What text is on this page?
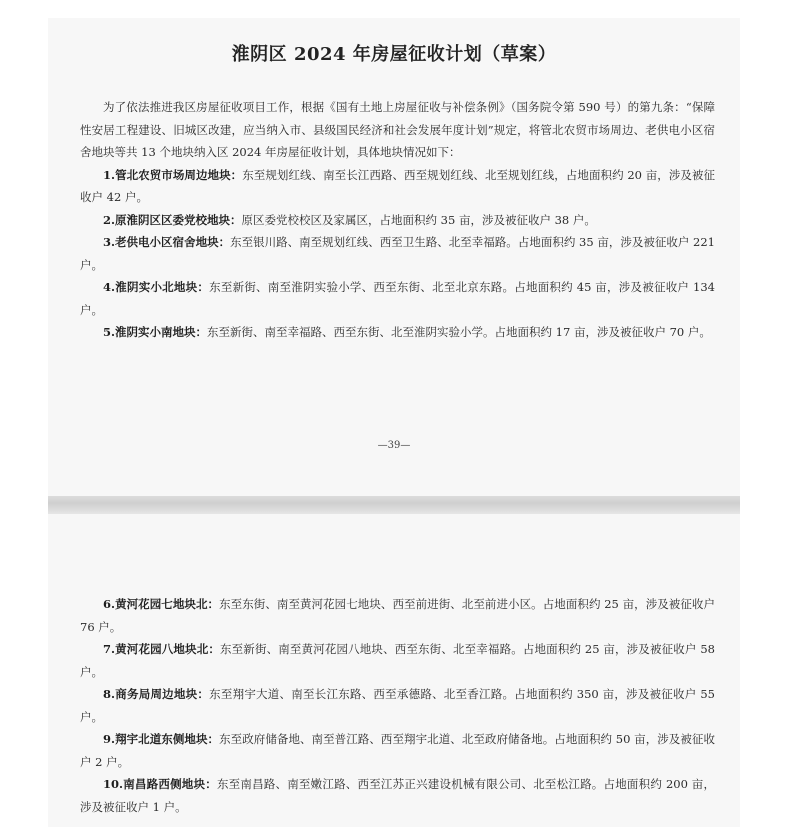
淮阴区 2024 年房屋征收计划（草案）

为了依法推进我区房屋征收项目工作，根据《国有土地上房屋征收与补偿条例》（国务院令第 590 号）的第九条：“保障性安居工程建设、旧城区改建，应当纳入市、县级国民经济和社会发展年度计划”规定，将管北农贸市场周边、老供电小区宿舍地块等共 13 个地块纳入区 2024 年房屋征收计划，具体地块情况如下：

1.管北农贸市场周边地块：东至规划红线、南至长江西路、西至规划红线、北至规划红线，占地面积约 20 亩，涉及被征收户 42 户。

2.原淮阴区区委党校地块：原区委党校校区及家属区，占地面积约 35 亩，涉及被征收户 38 户。

3.老供电小区宿舍地块：东至银川路、南至规划红线、西至卫生路、北至幸福路。占地面积约 35 亩，涉及被征收户 221 户。

4.淮阴实小北地块：东至新街、南至淮阴实验小学、西至东街、北至北京东路。占地面积约 45 亩，涉及被征收户 134 户。

5.淮阴实小南地块：东至新街、南至幸福路、西至东街、北至淮阴实验小学。占地面积约 17 亩，涉及被征收户 70 户。

—39—

6.黄河花园七地块北：东至东街、南至黄河花园七地块、西至前进街、北至前进小区。占地面积约 25 亩，涉及被征收户 76 户。

7.黄河花园八地块北：东至新街、南至黄河花园八地块、西至东街、北至幸福路。占地面积约 25 亩，涉及被征收户 58 户。

8.商务局周边地块：东至翔宇大道、南至长江东路、西至承德路、北至香江路。占地面积约 350 亩，涉及被征收户 55 户。

9.翔宇北道东侧地块：东至政府储备地、南至普江路、西至翔宇北道、北至政府储备地。占地面积约 50 亩，涉及被征收户 2 户。

10.南昌路西侧地块：东至南昌路、南至嫩江路、西至江苏正兴建设机械有限公司、北至松江路。占地面积约 200 亩，涉及被征收户 1 户。
